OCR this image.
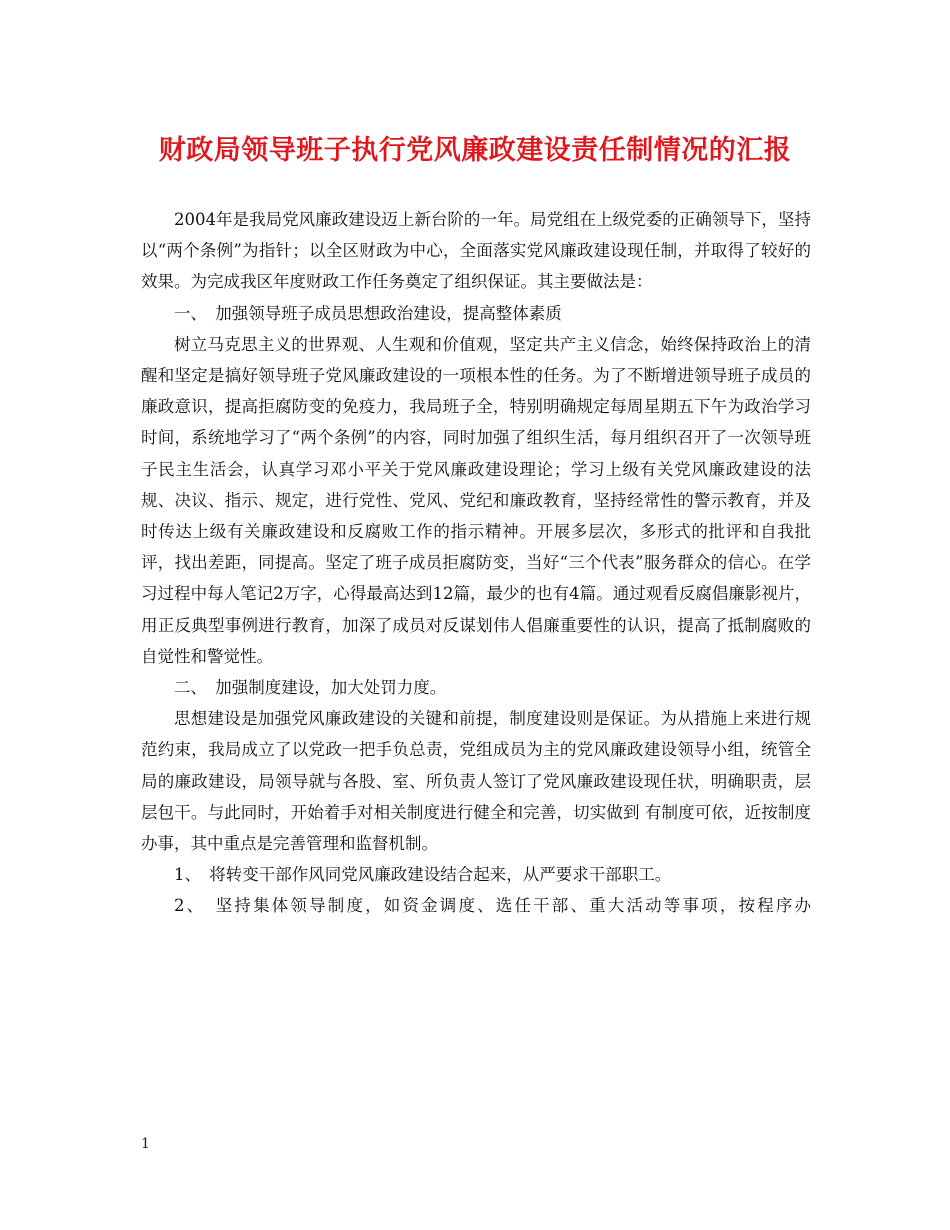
财政局领导班子执行党风廉政建设责任制情况的汇报

2004年是我局党风廉政建设迈上新台阶的一年。局党组在上级党委的正确领导下，坚持以“两个条例”为指针；以全区财政为中心，全面落实党风廉政建设现任制，并取得了较好的效果。为完成我区年度财政工作任务奠定了组织保证。其主要做法是：

一、　加强领导班子成员思想政治建设，提高整体素质

树立马克思主义的世界观、人生观和价值观，坚定共产主义信念，始终保持政治上的清醒和坚定是搞好领导班子党风廉政建设的一项根本性的任务。为了不断增进领导班子成员的廉政意识，提高拒腐防变的免疫力，我局班子全，特别明确规定每周星期五下午为政治学习时间，系统地学习了“两个条例”的内容，同时加强了组织生活，每月组织召开了一次领导班子民主生活会，认真学习邓小平关于党风廉政建设理论；学习上级有关党风廉政建设的法规、决议、指示、规定，进行党性、党风、党纪和廉政教育，坚持经常性的警示教育，并及时传达上级有关廉政建设和反腐败工作的指示精神。开展多层次，多形式的批评和自我批评，找出差距，同提高。坚定了班子成员拒腐防变，当好“三个代表”服务群众的信心。在学习过程中每人笔记2万字，心得最高达到12篇，最少的也有4篇。通过观看反腐倡廉影视片，用正反典型事例进行教育，加深了成员对反谋划伟人倡廉重要性的认识，提高了抵制腐败的自觉性和警觉性。

二、　加强制度建设，加大处罚力度。

思想建设是加强党风廉政建设的关键和前提，制度建设则是保证。为从措施上来进行规范约束，我局成立了以党政一把手负总责，党组成员为主的党风廉政建设领导小组，统管全局的廉政建设，局领导就与各股、室、所负责人签订了党风廉政建设现任状，明确职责，层层包干。与此同时，开始着手对相关制度进行健全和完善，切实做到 有制度可依，近按制度办事，其中重点是完善管理和监督机制。

1、　将转变干部作风同党风廉政建设结合起来，从严要求干部职工。

2、　坚持集体领导制度，如资金调度、选任干部、重大活动等事项，按程序办

1
